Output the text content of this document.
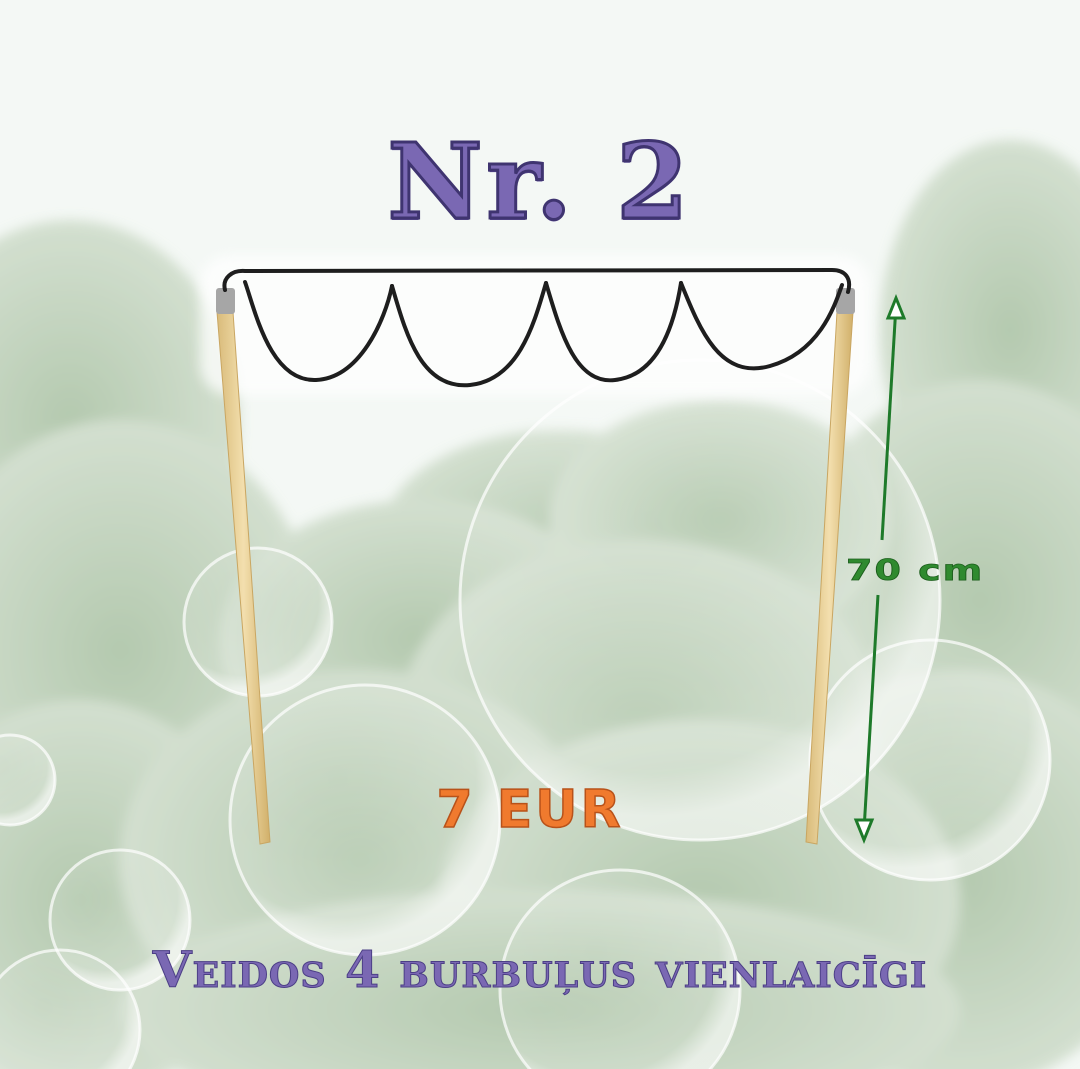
Nr. 2
70 cm
7 EUR
Veidos 4 burbuļus vienlaicīgi
